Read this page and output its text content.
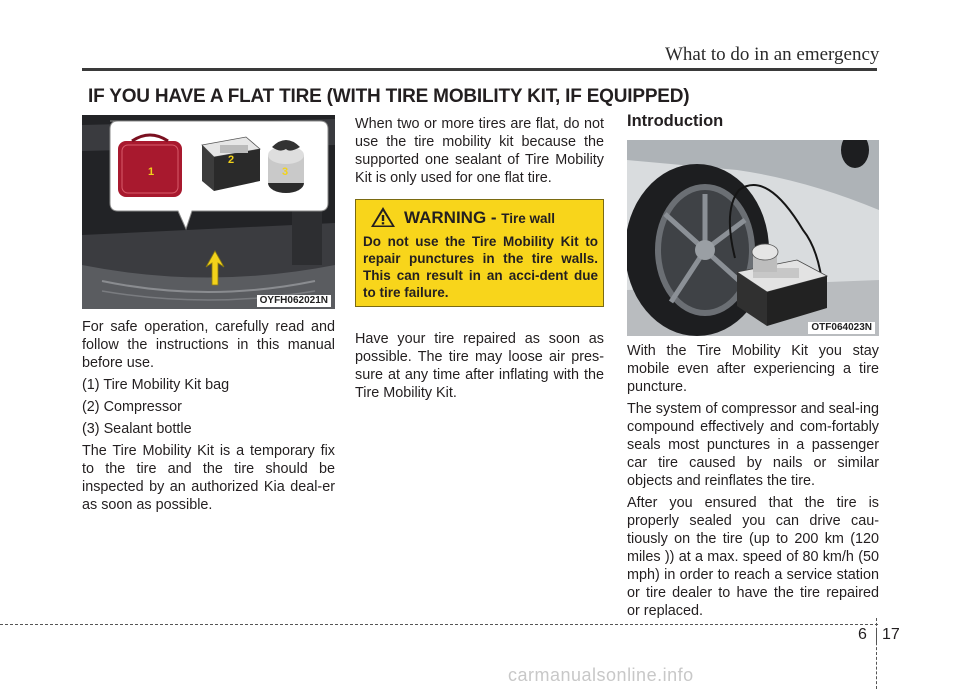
What to do in an emergency
IF YOU HAVE A FLAT TIRE (WITH TIRE MOBILITY KIT, IF EQUIPPED)
1
2
3
OYFH062021N

For safe operation, carefully read and follow the instructions in this manual before use.

(1) Tire Mobility Kit bag
(2) Compressor
(3) Sealant bottle

The Tire Mobility Kit is a temporary fix to the tire and the tire should be inspected by an authorized Kia deal-er as soon as possible.

When two or more tires are flat, do not use the tire mobility kit because the supported one sealant of Tire Mobility Kit is only used for one flat tire.

WARNING - Tire wall
Do not use the Tire Mobility Kit to repair punctures in the tire walls. This can result in an acci-dent due to tire failure.

Have your tire repaired as soon as possible. The tire may loose air pres-sure at any time after inflating with the Tire Mobility Kit.

Introduction
OTF064023N

With the Tire Mobility Kit you stay mobile even after experiencing a tire puncture.

The system of compressor and seal-ing compound effectively and com-fortably seals most punctures in a passenger car tire caused by nails or similar objects and reinflates the tire.

After you ensured that the tire is properly sealed you can drive cau-tiously on the tire (up to 200 km (120 miles )) at a max. speed of 80 km/h (50 mph) in order to reach a service station or tire dealer to have the tire repaired or replaced.

6 17
carmanualsonline.info
